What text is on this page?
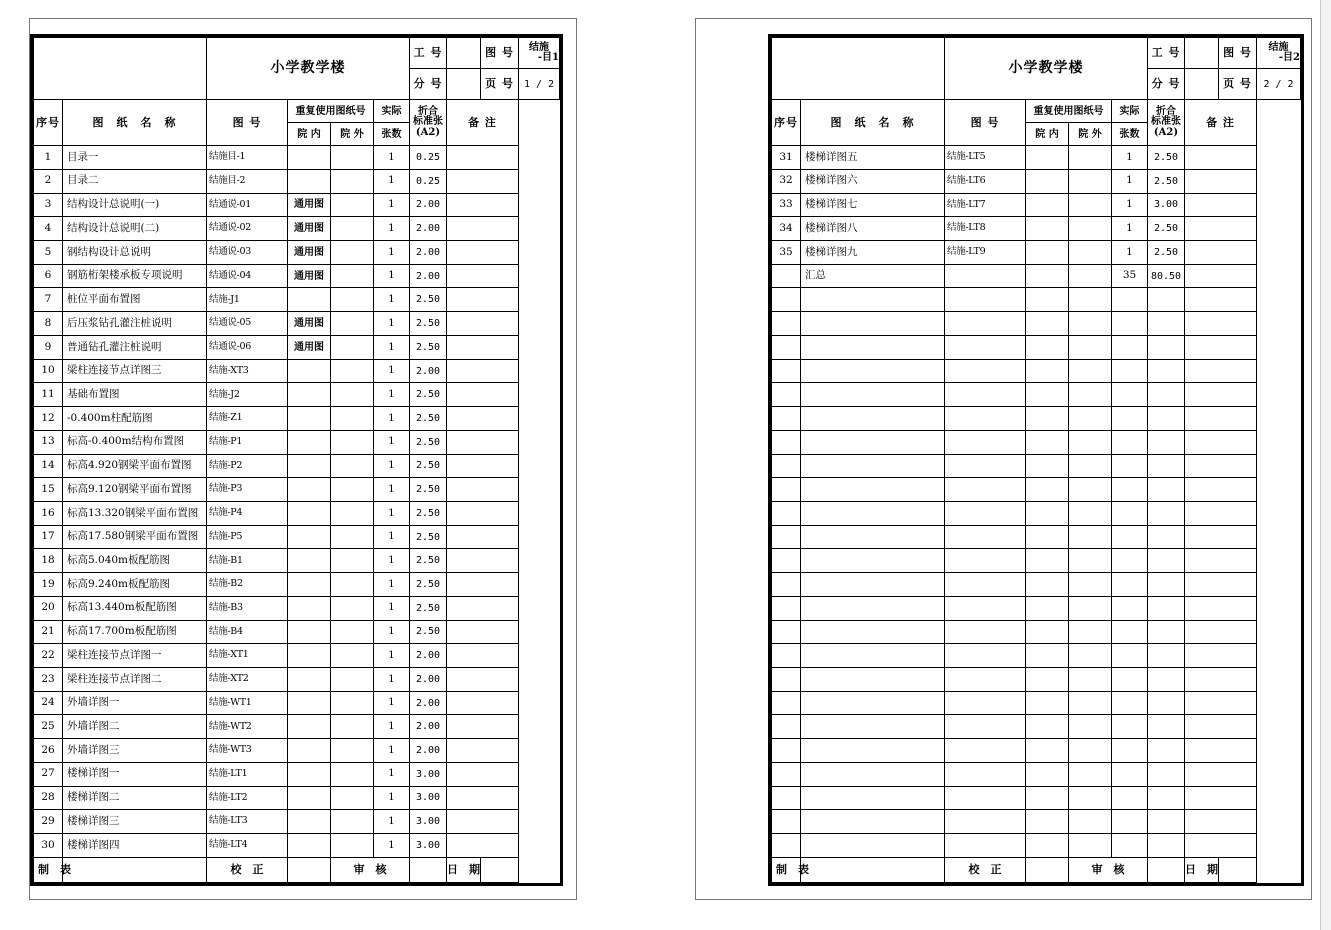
		小学教学楼				工 号		图 号	结施
-目1

						分 号		页 号	1 / 2
序号	图　纸　名　称	图 号	重复使用图纸号		实际	折合
标准张
(A2)	备 注		
			院 内	院 外	张数				
1	目录一	结施目-1			1	0.25			
2	目录二	结施目-2			1	0.25			
3	结构设计总说明(一)	结通说-01	通用图		1	2.00			
4	结构设计总说明(二)	结通说-02	通用图		1	2.00			
5	钢结构设计总说明	结通说-03	通用图		1	2.00			
6	钢筋桁架楼承板专项说明	结通说-04	通用图		1	2.00			
7	桩位平面布置图	结施-J1			1	2.50			
8	后压浆钻孔灌注桩说明	结通说-05	通用图		1	2.50			
9	普通钻孔灌注桩说明	结通说-06	通用图		1	2.50			
10	梁柱连接节点详图三	结施-XT3			1	2.00			
11	基础布置图	结施-J2			1	2.50			
12	-0.400m柱配筋图	结施-Z1			1	2.50			
13	标高-0.400m结构布置图	结施-P1			1	2.50			
14	标高4.920钢梁平面布置图	结施-P2			1	2.50			
15	标高9.120钢梁平面布置图	结施-P3			1	2.50			
16	标高13.320钢梁平面布置图	结施-P4			1	2.50			
17	标高17.580钢梁平面布置图	结施-P5			1	2.50			
18	标高5.040m板配筋图	结施-B1			1	2.50			
19	标高9.240m板配筋图	结施-B2			1	2.50			
20	标高13.440m板配筋图	结施-B3			1	2.50			
21	标高17.700m板配筋图	结施-B4			1	2.50			
22	梁柱连接节点详图一	结施-XT1			1	2.00			
23	梁柱连接节点详图二	结施-XT2			1	2.00			
24	外墙详图一	结施-WT1			1	2.00			
25	外墙详图二	结施-WT2			1	2.00			
26	外墙详图三	结施-WT3			1	2.00			
27	楼梯详图一	结施-LT1			1	3.00			
28	楼梯详图二	结施-LT2			1	3.00			
29	楼梯详图三	结施-LT3			1	3.00			
30	楼梯详图四	结施-LT4			1	3.00			
制　表		校　正		审　核			日　期		
		小学教学楼				工 号		图 号	结施
-目2

						分 号		页 号	2 / 2
序号	图　纸　名　称	图 号	重复使用图纸号		实际	折合
标准张
(A2)	备 注		
			院 内	院 外	张数				
31	楼梯详图五	结施-LT5			1	2.50			
32	楼梯详图六	结施-LT6			1	2.50			
33	楼梯详图七	结施-LT7			1	3.00			
34	楼梯详图八	结施-LT8			1	2.50			
35	楼梯详图九	结施-LT9			1	2.50			
	汇总				35	80.50			

制　表		校　正		审　核			日　期		
